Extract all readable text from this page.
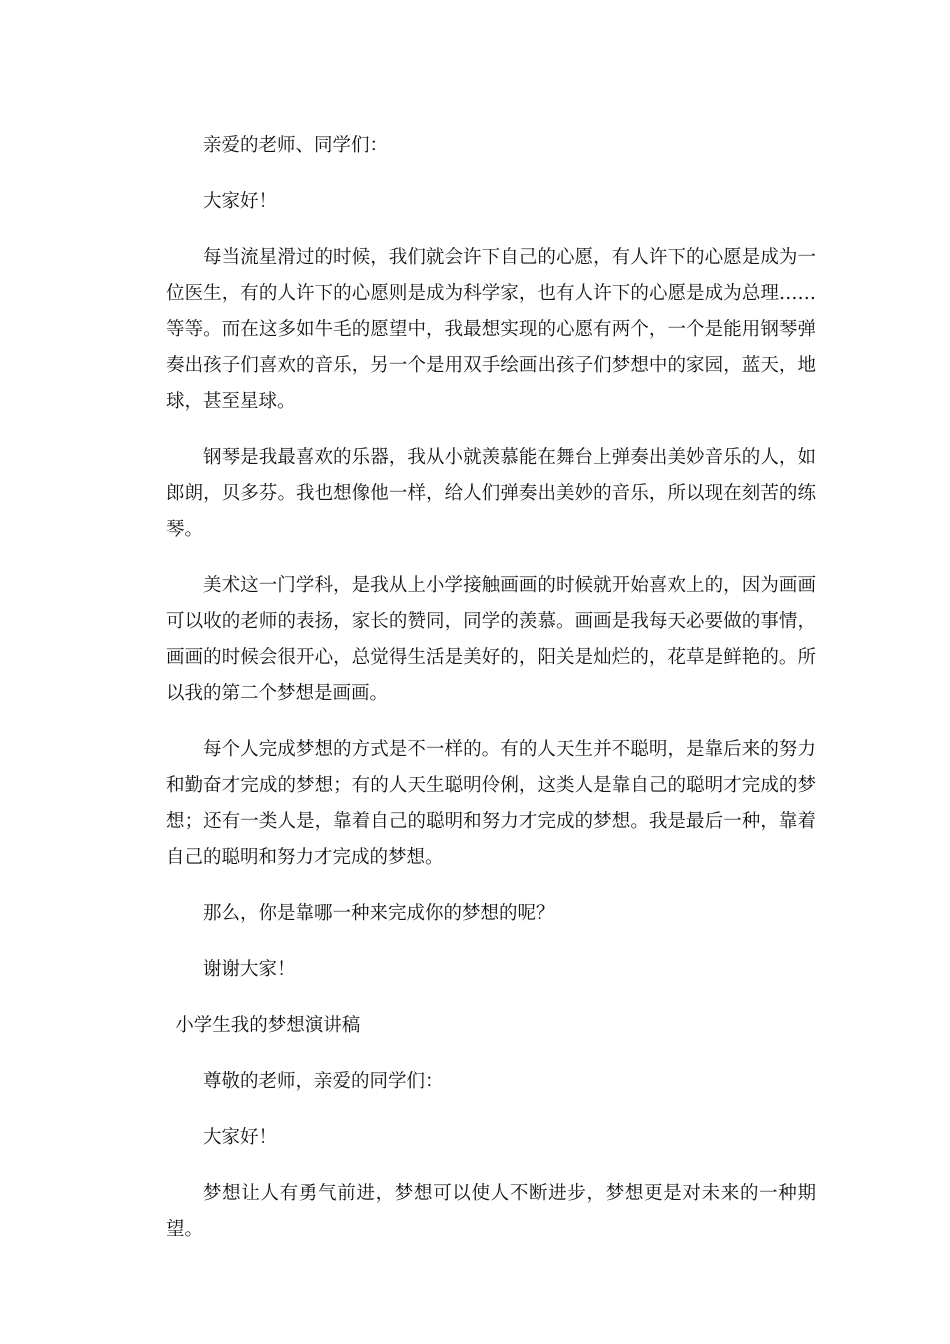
亲爱的老师、同学们：

大家好！

每当流星滑过的时候，我们就会许下自己的心愿，有人许下的心愿是成为一位医生，有的人许下的心愿则是成为科学家，也有人许下的心愿是成为总理……等等。而在这多如牛毛的愿望中，我最想实现的心愿有两个，一个是能用钢琴弹奏出孩子们喜欢的音乐，另一个是用双手绘画出孩子们梦想中的家园，蓝天，地球，甚至星球。

钢琴是我最喜欢的乐器，我从小就羡慕能在舞台上弹奏出美妙音乐的人，如郎朗，贝多芬。我也想像他一样，给人们弹奏出美妙的音乐，所以现在刻苦的练琴。

美术这一门学科，是我从上小学接触画画的时候就开始喜欢上的，因为画画可以收的老师的表扬，家长的赞同，同学的羡慕。画画是我每天必要做的事情，画画的时候会很开心，总觉得生活是美好的，阳关是灿烂的，花草是鲜艳的。所以我的第二个梦想是画画。

每个人完成梦想的方式是不一样的。有的人天生并不聪明，是靠后来的努力和勤奋才完成的梦想；有的人天生聪明伶俐，这类人是靠自己的聪明才完成的梦想；还有一类人是，靠着自己的聪明和努力才完成的梦想。我是最后一种，靠着自己的聪明和努力才完成的梦想。

那么，你是靠哪一种来完成你的梦想的呢？

谢谢大家！

小学生我的梦想演讲稿

尊敬的老师，亲爱的同学们：

大家好！

梦想让人有勇气前进，梦想可以使人不断进步，梦想更是对未来的一种期望。
